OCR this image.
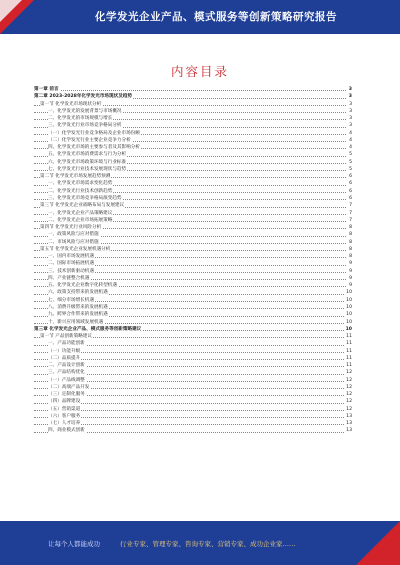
化学发光企业产品、模式服务等创新策略研究报告
内容目录
第一章 前言	3
第二章 2023-2028年化学发光市场现状及趋势	3
第一节 化学发光市场现状分析	3
一、化学发光的发展背景与市场概况	3
二、化学发光的市场规模与增长	3
三、化学发光行业市场竞争格局分析	3
（一）化学发光行业竞争格局及企业市场份额	4
（二）化学发光行业主要企业竞争力分析	4
四、化学发光市场的主要参与者及其影响分析	4
五、化学发光市场消费需求与行为分析	5
六、化学发光市场政策环境与行业标准	5
七、化学发光行业技术发展现状与趋势	5
第二节 化学发光市场发展趋势预测	6
一、化学发光市场需求变化趋势	6
二、化学发光行业技术创新趋势	6
三、化学发光市场竞争格局演变趋势	6
第三节 化学发光企业战略布局与发展建议	7
一、化学发光企业产品策略建议	7
二、化学发光企业市场拓展策略	7
第四节 化学发光行业风险分析	8
一、政策风险与应对措施	8
二、市场风险与应对措施	8
第五节 化学发光企业发展机遇分析	8
一、国内市场发展机遇	8
二、国际市场拓展机遇	9
三、技术创新驱动机遇	9
四、产业链整合机遇	9
五、化学发光企业数字化转型机遇	9
六、政策支持带来的发展机遇	10
七、细分市场增长机遇	10
八、消费升级带来的发展机遇	10
九、跨界合作带来的发展机遇	10
十、新兴应用领域发展机遇	10
第三章 化学发光企业产品、模式服务等创新策略建议	10
第一节 产品创新策略建议	11
一、产品功能创新	11
（一）功能升级	11
（二）品质提升	11
二、产品设计创新	11
三、产品结构优化	12
（一）产品线调整	12
（二）高端产品开发	12
（三）定制化服务	12
（四）品牌建设	12
（五）营销渠道	12
（六）客户服务	13
（七）人才培养	13
四、商业模式创新	13
让每个人都能成功	行业专家、管理专家、咨询专家、营销专家、成功企业家……
